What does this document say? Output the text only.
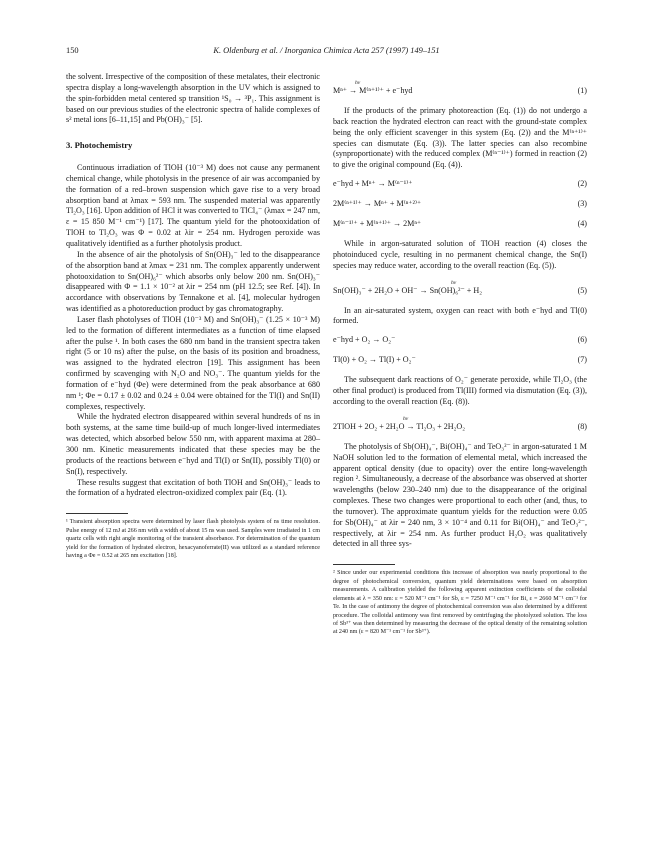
150	K. Oldenburg et al. / Inorganica Chimica Acta 257 (1997) 149–151

the solvent. Irrespective of the composition of these metalates, their electronic spectra display a long-wavelength absorption in the UV which is assigned to the spin-forbidden metal centered sp transition ¹S₀ → ³P₁. This assignment is based on our previous studies of the electronic spectra of halide complexes of s² metal ions [6–11,15] and Pb(OH)₃⁻ [5].

3. Photochemistry

Continuous irradiation of TlOH (10⁻³ M) does not cause any permanent chemical change, while photolysis in the presence of air was accompanied by the formation of a red–brown suspension which gave rise to a very broad absorption band at λmax = 593 nm. The suspended material was apparently Tl₂O₃ [16]. Upon addition of HCl it was converted to TlCl₄⁻ (λmax = 247 nm, ε = 15 850 M⁻¹ cm⁻¹) [17]. The quantum yield for the photooxidation of TlOH to Tl₂O₃ was Φ = 0.02 at λir = 254 nm. Hydrogen peroxide was qualitatively identified as a further photolysis product.

In the absence of air the photolysis of Sn(OH)₃⁻ led to the disappearance of the absorption band at λmax = 231 nm. The complex apparently underwent photooxidation to Sn(OH)₆²⁻ which absorbs only below 200 nm. Sn(OH)₃⁻ disappeared with Φ = 1.1 × 10⁻² at λir = 254 nm (pH 12.5; see Ref. [4]). In accordance with observations by Tennakone et al. [4], molecular hydrogen was identified as a photoreduction product by gas chromatography.

Laser flash photolyses of TlOH (10⁻³ M) and Sn(OH)₃⁻ (1.25 × 10⁻³ M) led to the formation of different intermediates as a function of time elapsed after the pulse ¹. In both cases the 680 nm band in the transient spectra taken right (5 or 10 ns) after the pulse, on the basis of its position and broadness, was assigned to the hydrated electron [19]. This assignment has been confirmed by scavenging with N₂O and NO₃⁻. The quantum yields for the formation of e⁻hyd (Φe) were determined from the peak absorbance at 680 nm ¹; Φe = 0.17 ± 0.02 and 0.24 ± 0.04 were obtained for the Tl(I) and Sn(II) complexes, respectively.

While the hydrated electron disappeared within several hundreds of ns in both systems, at the same time build-up of much longer-lived intermediates was detected, which absorbed below 550 nm, with apparent maxima at 280–300 nm. Kinetic measurements indicated that these species may be the products of the reactions between e⁻hyd and Tl(I) or Sn(II), possibly Tl(0) or Sn(I), respectively.

These results suggest that excitation of both TlOH and Sn(OH)₃⁻ leads to the formation of a hydrated electron-oxidized complex pair (Eq. (1).

¹ Transient absorption spectra were determined by laser flash photolysis system of ns time resolution. Pulse energy of 12 mJ at 266 nm with a width of about 15 ns was used. Samples were irradiated in 1 cm quartz cells with right angle monitoring of the transient absorbance. For determination of the quantum yield for the formation of hydrated electron, hexacyanoferrate(II) was utilized as a standard reference having a Φe = 0.52 at 265 nm excitation [18].

hν
Mⁿ⁺ → M⁽ⁿ⁺¹⁾⁺ + e⁻hyd	(1)

If the products of the primary photoreaction (Eq. (1)) do not undergo a back reaction the hydrated electron can react with the ground-state complex being the only efficient scavenger in this system (Eq. (2)) and the M⁽ⁿ⁺¹⁾⁺ species can dismutate (Eq. (3)). The latter species can also recombine (synproportionate) with the reduced complex (M⁽ⁿ⁻¹⁾⁺) formed in reaction (2) to give the original compound (Eq. (4)).

e⁻hyd + Mⁿ⁺ → M⁽ⁿ⁻¹⁾⁺	(2)
2M⁽ⁿ⁺¹⁾⁺ → Mⁿ⁺ + M⁽ⁿ⁺²⁾⁺	(3)
M⁽ⁿ⁻¹⁾⁺ + M⁽ⁿ⁺¹⁾⁺ → 2Mⁿ⁺	(4)

While in argon-saturated solution of TlOH reaction (4) closes the photoinduced cycle, resulting in no permanent chemical change, the Sn(I) species may reduce water, according to the overall reaction (Eq. (5)).

hν
Sn(OH)₃⁻ + 2H₂O + OH⁻ → Sn(OH)₆²⁻ + H₂	(5)

In an air-saturated system, oxygen can react with both e⁻hyd and Tl(0) formed.

e⁻hyd + O₂ → O₂⁻	(6)
Tl(0) + O₂ → Tl(I) + O₂⁻	(7)

The subsequent dark reactions of O₂⁻ generate peroxide, while Tl₂O₃ (the other final product) is produced from Tl(III) formed via dismutation (Eq. (3)), according to the overall reaction (Eq. (8)).

hν
2TlOH + 2O₂ + 2H₂O → Tl₂O₃ + 2H₂O₂	(8)

The photolysis of Sb(OH)₄⁻, Bi(OH)₄⁻ and TeO₃²⁻ in argon-saturated 1 M NaOH solution led to the formation of elemental metal, which increased the apparent optical density (due to opacity) over the entire long-wavelength region ². Simultaneously, a decrease of the absorbance was observed at shorter wavelengths (below 230–240 nm) due to the disappearance of the original complexes. These two changes were proportional to each other (and, thus, to the turnover). The approximate quantum yields for the reduction were 0.05 for Sb(OH)₄⁻ at λir = 240 nm, 3 × 10⁻⁴ and 0.11 for Bi(OH)₄⁻ and TeO₃²⁻, respectively, at λir = 254 nm. As further product H₂O₂ was qualitatively detected in all three sys-

² Since under our experimental conditions this increase of absorption was nearly proportional to the degree of photochemical conversion, quantum yield determinations were based on absorption measurements. A calibration yielded the following apparent extinction coefficients of the colloidal elements at λ = 350 nm: ε = 520 M⁻¹ cm⁻¹ for Sb, ε = 7250 M⁻¹ cm⁻¹ for Bi, ε = 2660 M⁻¹ cm⁻¹ for Te. In the case of antimony the degree of photochemical conversion was also determined by a different procedure. The colloidal antimony was first removed by centrifuging the photolyzed solution. The loss of Sb³⁺ was then determined by measuring the decrease of the optical density of the remaining solution at 240 nm (ε = 820 M⁻¹ cm⁻¹ for Sb³⁺).
